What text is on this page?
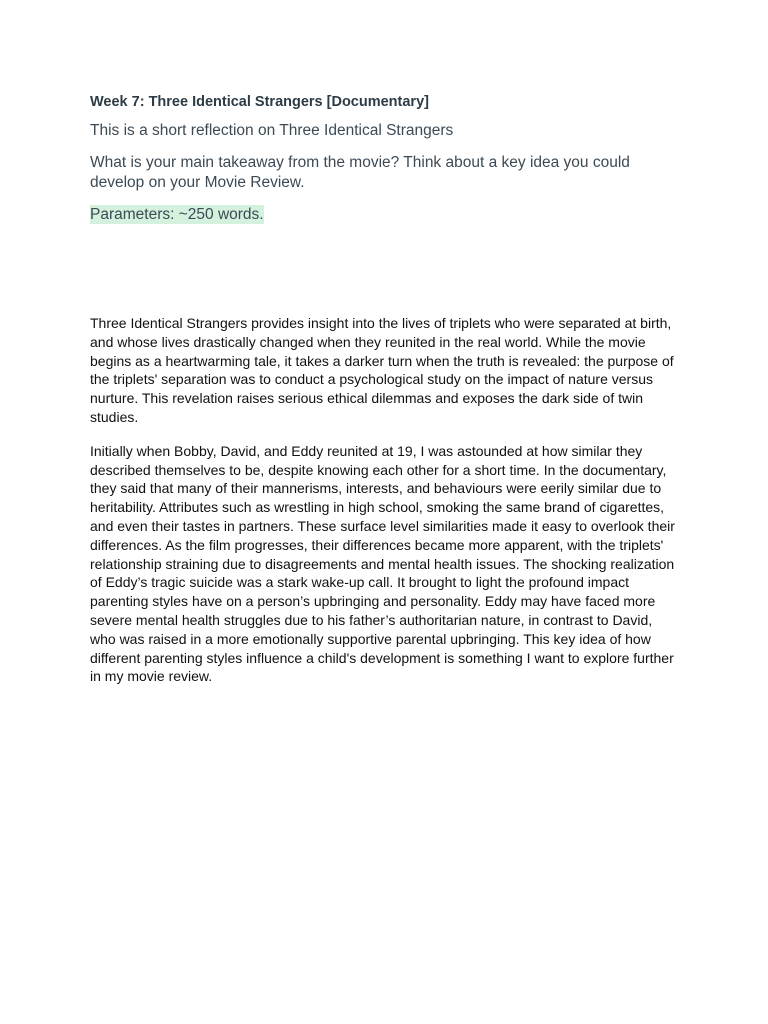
Week 7: Three Identical Strangers [Documentary]
This is a short reflection on Three Identical Strangers
What is your main takeaway from the movie? Think about a key idea you could develop on your Movie Review.
Parameters: ~250 words.

Three Identical Strangers provides insight into the lives of triplets who were separated at birth, and whose lives drastically changed when they reunited in the real world. While the movie begins as a heartwarming tale, it takes a darker turn when the truth is revealed: the purpose of the triplets' separation was to conduct a psychological study on the impact of nature versus nurture. This revelation raises serious ethical dilemmas and exposes the dark side of twin studies.

Initially when Bobby, David, and Eddy reunited at 19, I was astounded at how similar they described themselves to be, despite knowing each other for a short time. In the documentary, they said that many of their mannerisms, interests, and behaviours were eerily similar due to heritability. Attributes such as wrestling in high school, smoking the same brand of cigarettes, and even their tastes in partners. These surface level similarities made it easy to overlook their differences. As the film progresses, their differences became more apparent, with the triplets' relationship straining due to disagreements and mental health issues. The shocking realization of Eddy’s tragic suicide was a stark wake-up call. It brought to light the profound impact parenting styles have on a person’s upbringing and personality. Eddy may have faced more severe mental health struggles due to his father’s authoritarian nature, in contrast to David, who was raised in a more emotionally supportive parental upbringing. This key idea of how different parenting styles influence a child's development is something I want to explore further in my movie review.
